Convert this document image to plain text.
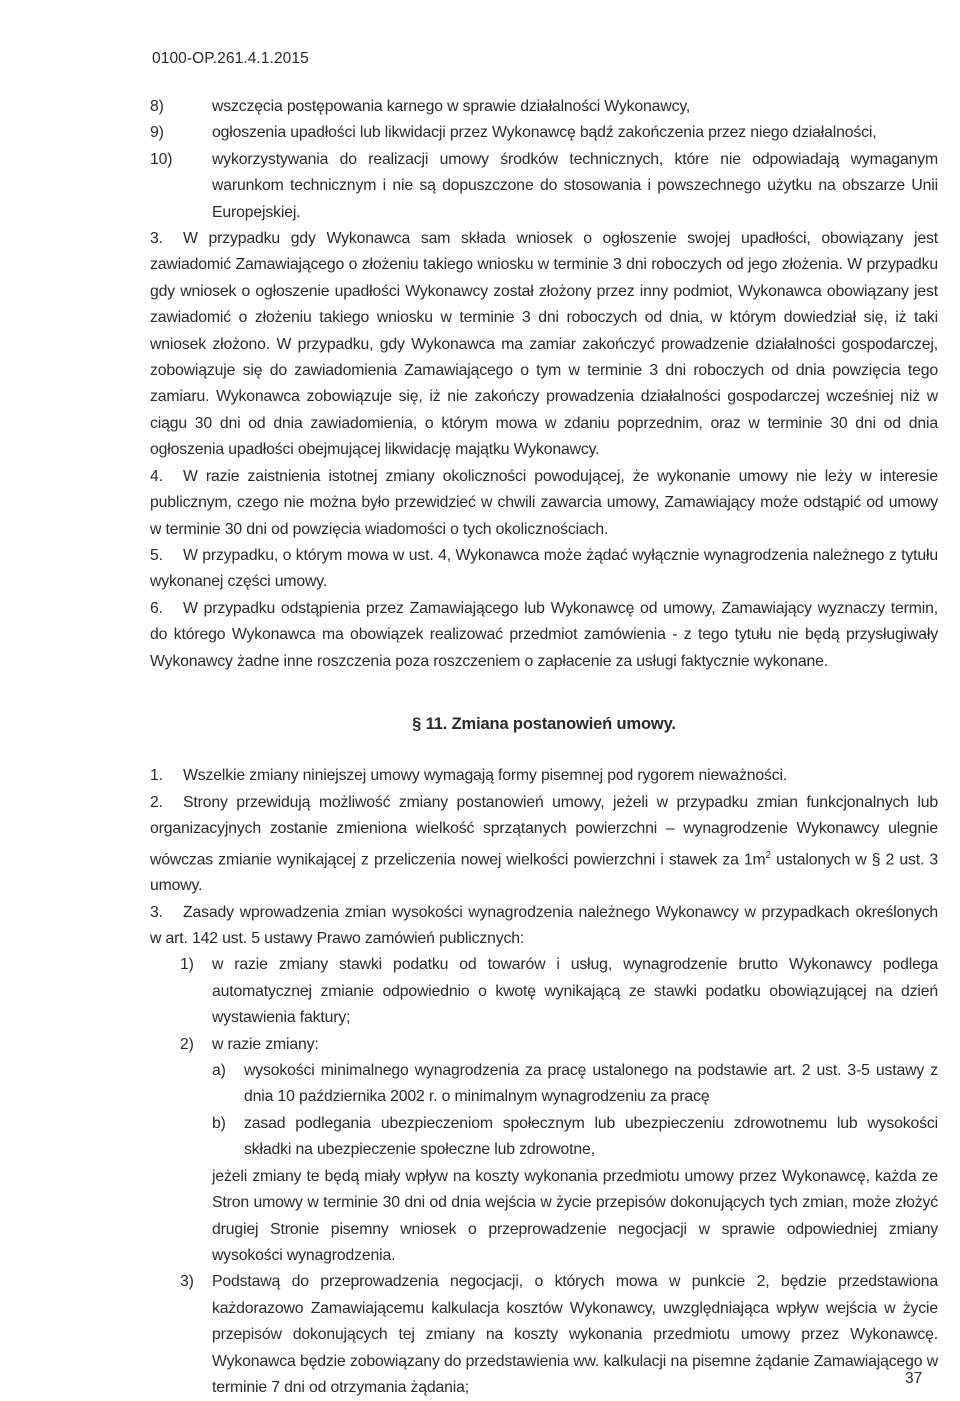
0100-OP.261.4.1.2015

8)	wszczęcia postępowania karnego w sprawie działalności Wykonawcy,

9)	ogłoszenia upadłości lub likwidacji przez Wykonawcę bądź zakończenia przez niego działalności,

10)	wykorzystywania do realizacji umowy środków technicznych, które nie odpowiadają wymaganym warunkom technicznym i nie są dopuszczone do stosowania i powszechnego użytku na obszarze Unii Europejskiej.

3. W przypadku gdy Wykonawca sam składa wniosek o ogłoszenie swojej upadłości, obowiązany jest zawiadomić Zamawiającego o złożeniu takiego wniosku w terminie 3 dni roboczych od jego złożenia. W przypadku gdy wniosek o ogłoszenie upadłości Wykonawcy został złożony przez inny podmiot, Wykonawca obowiązany jest zawiadomić o złożeniu takiego wniosku w terminie 3 dni roboczych od dnia, w którym dowiedział się, iż taki wniosek złożono. W przypadku, gdy Wykonawca ma zamiar zakończyć prowadzenie działalności gospodarczej, zobowiązuje się do zawiadomienia Zamawiającego o tym w terminie 3 dni roboczych od dnia powzięcia tego zamiaru. Wykonawca zobowiązuje się, iż nie zakończy prowadzenia działalności gospodarczej wcześniej niż w ciągu 30 dni od dnia zawiadomienia, o którym mowa w zdaniu poprzednim, oraz w terminie 30 dni od dnia ogłoszenia upadłości obejmującej likwidację majątku Wykonawcy.

4. W razie zaistnienia istotnej zmiany okoliczności powodującej, że wykonanie umowy nie leży w interesie publicznym, czego nie można było przewidzieć w chwili zawarcia umowy, Zamawiający może odstąpić od umowy w terminie 30 dni od powzięcia wiadomości o tych okolicznościach.

5. W przypadku, o którym mowa w ust. 4, Wykonawca może żądać wyłącznie wynagrodzenia należnego z tytułu wykonanej części umowy.

6. W przypadku odstąpienia przez Zamawiającego lub Wykonawcę od umowy, Zamawiający wyznaczy termin, do którego Wykonawca ma obowiązek realizować przedmiot zamówienia - z tego tytułu nie będą przysługiwały Wykonawcy żadne inne roszczenia poza roszczeniem o zapłacenie za usługi faktycznie wykonane.

§ 11. Zmiana postanowień umowy.

1. Wszelkie zmiany niniejszej umowy wymagają formy pisemnej pod rygorem nieważności.

2. Strony przewidują możliwość zmiany postanowień umowy, jeżeli w przypadku zmian funkcjonalnych lub organizacyjnych zostanie zmieniona wielkość sprzątanych powierzchni – wynagrodzenie Wykonawcy ulegnie wówczas zmianie wynikającej z przeliczenia nowej wielkości powierzchni i stawek za $1m^2$ ustalonych w § 2 ust. 3 umowy.

3. Zasady wprowadzenia zmian wysokości wynagrodzenia należnego Wykonawcy w przypadkach określonych w art. 142 ust. 5 ustawy Prawo zamówień publicznych:

1) w razie zmiany stawki podatku od towarów i usług, wynagrodzenie brutto Wykonawcy podlega automatycznej zmianie odpowiednio o kwotę wynikającą ze stawki podatku obowiązującej na dzień wystawienia faktury;

2) w razie zmiany:

a) wysokości minimalnego wynagrodzenia za pracę ustalonego na podstawie art. 2 ust. 3-5 ustawy z dnia 10 października 2002 r. o minimalnym wynagrodzeniu za pracę

b) zasad podlegania ubezpieczeniom społecznym lub ubezpieczeniu zdrowotnemu lub wysokości składki na ubezpieczenie społeczne lub zdrowotne,

jeżeli zmiany te będą miały wpływ na koszty wykonania przedmiotu umowy przez Wykonawcę, każda ze Stron umowy w terminie 30 dni od dnia wejścia w życie przepisów dokonujących tych zmian, może złożyć drugiej Stronie pisemny wniosek o przeprowadzenie negocjacji w sprawie odpowiedniej zmiany wysokości wynagrodzenia.

3) Podstawą do przeprowadzenia negocjacji, o których mowa w punkcie 2, będzie przedstawiona każdorazowo Zamawiającemu kalkulacja kosztów Wykonawcy, uwzględniająca wpływ wejścia w życie przepisów dokonujących tej zmiany na koszty wykonania przedmiotu umowy przez Wykonawcę. Wykonawca będzie zobowiązany do przedstawienia ww. kalkulacji na pisemne żądanie Zamawiającego w terminie 7 dni od otrzymania żądania;

37
